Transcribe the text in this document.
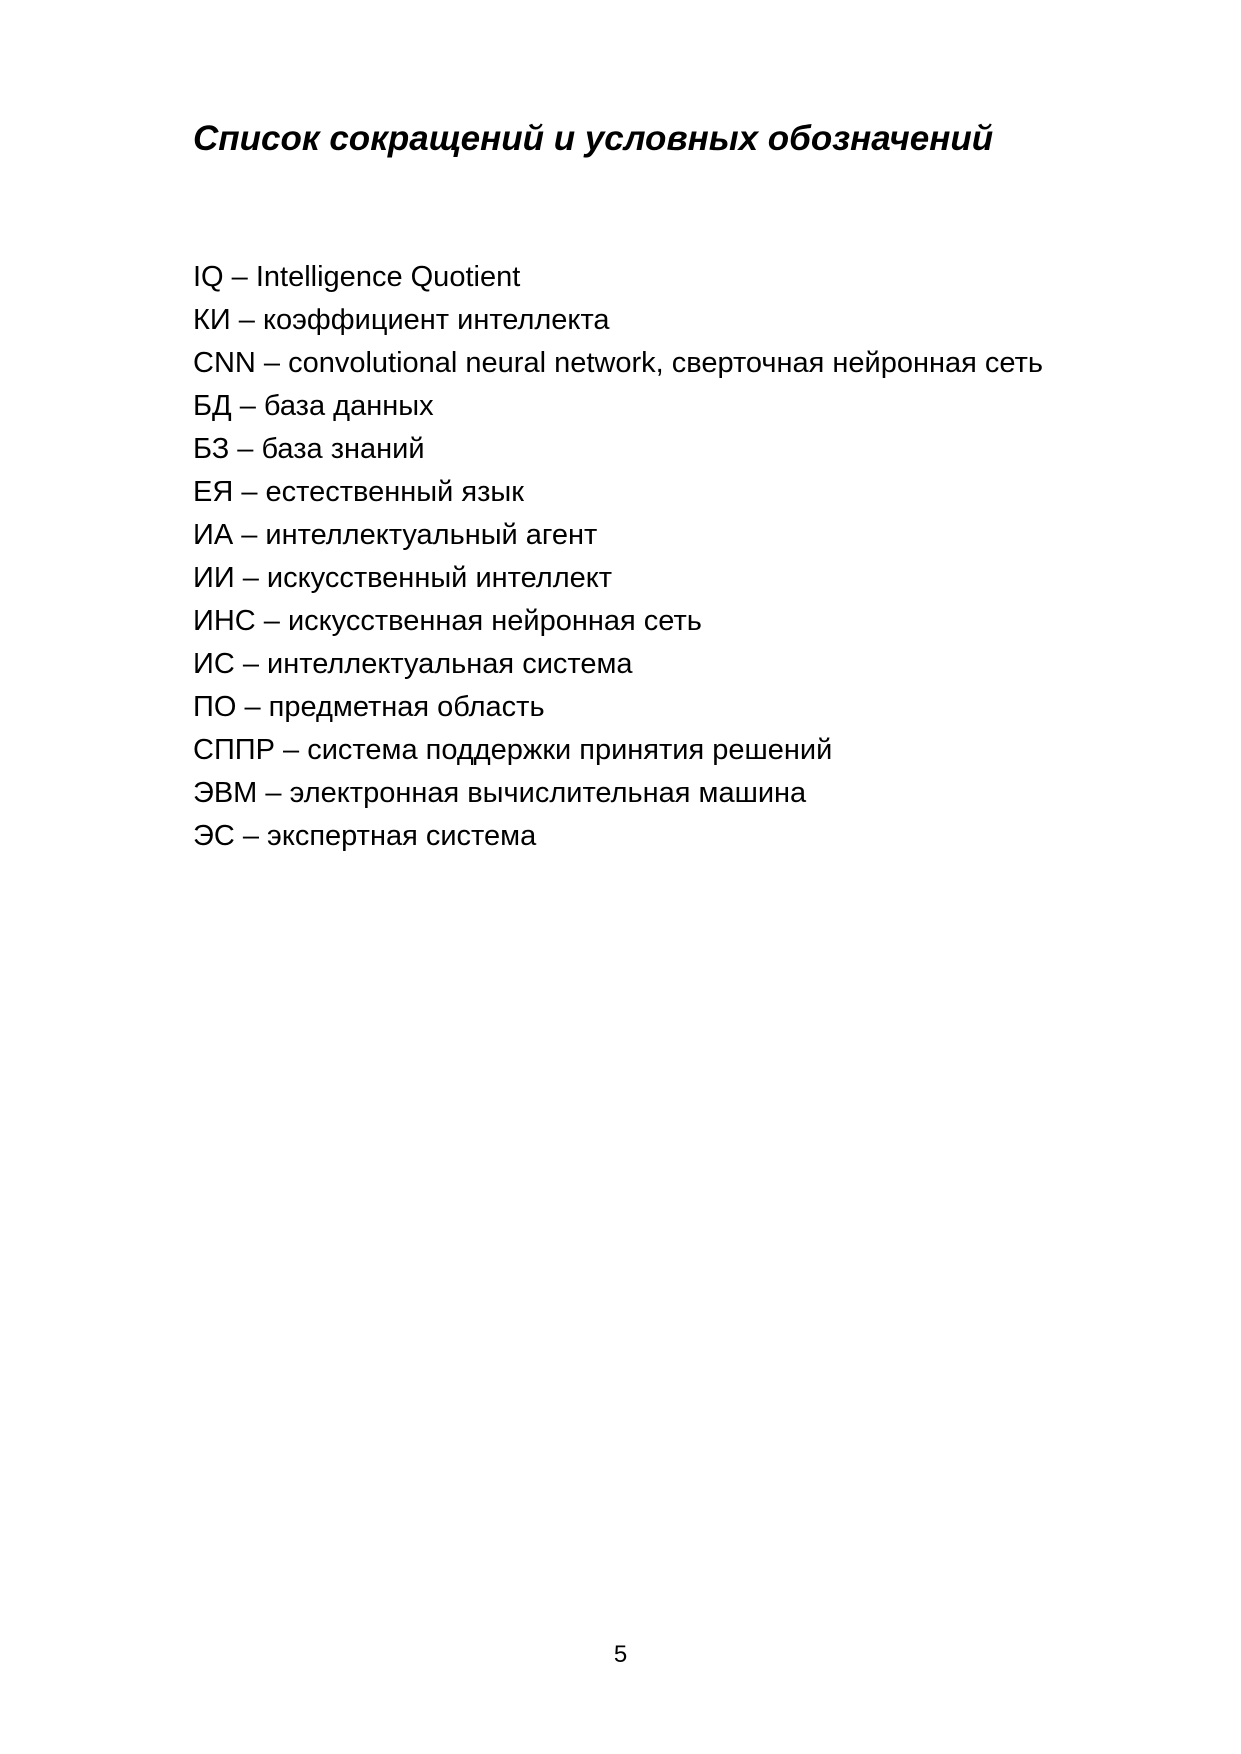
Список сокращений и условных обозначений
IQ – Intelligence Quotient
КИ – коэффициент интеллекта
CNN – convolutional neural network, сверточная нейронная сеть
БД – база данных
БЗ – база знаний
ЕЯ – естественный язык
ИА – интеллектуальный агент
ИИ – искусственный интеллект
ИНС – искусственная нейронная сеть
ИС – интеллектуальная система
ПО – предметная область
СППР – система поддержки принятия решений
ЭВМ – электронная вычислительная машина
ЭС – экспертная система
5
